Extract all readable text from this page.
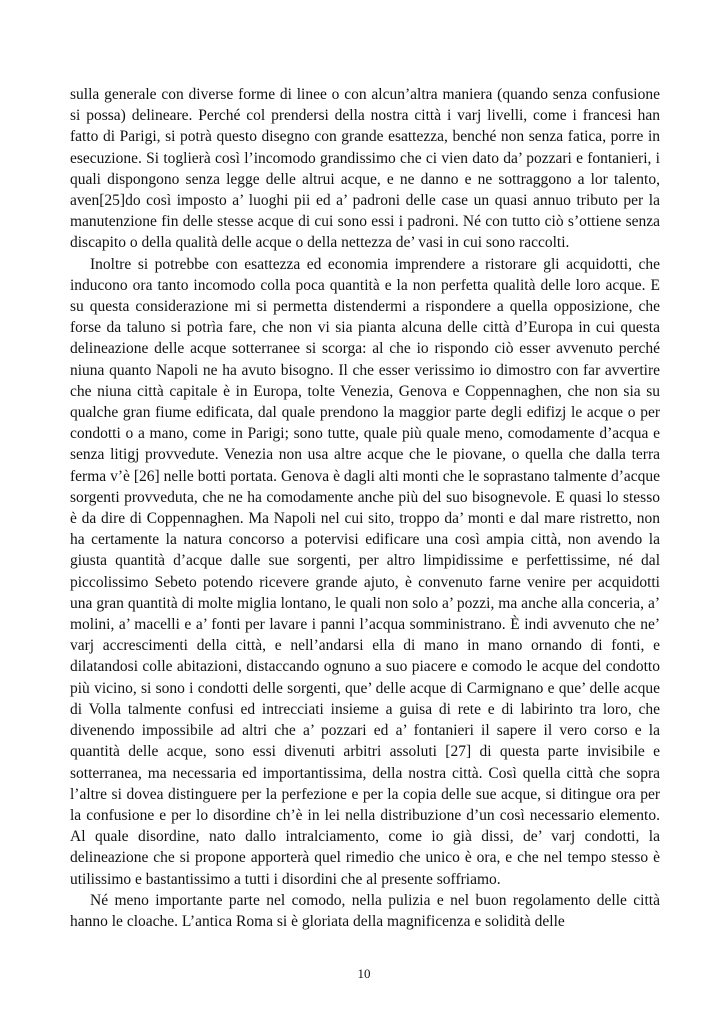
sulla generale con diverse forme di linee o con alcun’altra maniera (quando senza confusione si possa) delineare. Perché col prendersi della nostra città i varj livelli, come i francesi han fatto di Parigi, si potrà questo disegno con grande esattezza, benché non senza fatica, porre in esecuzione. Si toglierà così l’incomodo grandissimo che ci vien dato da’ pozzari e fontanieri, i quali dispongono senza legge delle altrui acque, e ne danno e ne sottraggono a lor talento, aven[25]do così imposto a’ luoghi pii ed a’ padroni delle case un quasi annuo tributo per la manutenzione fin delle stesse acque di cui sono essi i padroni. Né con tutto ciò s’ottiene senza discapito o della qualità delle acque o della nettezza de’ vasi in cui sono raccolti.

Inoltre si potrebbe con esattezza ed economia imprendere a ristorare gli acquidotti, che inducono ora tanto incomodo colla poca quantità e la non perfetta qualità delle loro acque. E su questa considerazione mi si permetta distendermi a rispondere a quella opposizione, che forse da taluno si potrìa fare, che non vi sia pianta alcuna delle città d’Europa in cui questa delineazione delle acque sotterranee si scorga: al che io rispondo ciò esser avvenuto perché niuna quanto Napoli ne ha avuto bisogno. Il che esser verissimo io dimostro con far avvertire che niuna città capitale è in Europa, tolte Venezia, Genova e Coppennaghen, che non sia su qualche gran fiume edificata, dal quale prendono la maggior parte degli edifizj le acque o per condotti o a mano, come in Parigi; sono tutte, quale più quale meno, comodamente d’acqua e senza litigj provvedute. Venezia non usa altre acque che le piovane, o quella che dalla terra ferma v’è [26] nelle botti portata. Genova è dagli alti monti che le soprastano talmente d’acque sorgenti provveduta, che ne ha comodamente anche più del suo bisognevole. E quasi lo stesso è da dire di Coppennaghen. Ma Napoli nel cui sito, troppo da’ monti e dal mare ristretto, non ha certamente la natura concorso a potervisi edificare una così ampia città, non avendo la giusta quantità d’acque dalle sue sorgenti, per altro limpidissime e perfettissime, né dal piccolissimo Sebeto potendo ricevere grande ajuto, è convenuto farne venire per acquidotti una gran quantità di molte miglia lontano, le quali non solo a’ pozzi, ma anche alla conceria, a’ molini, a’ macelli e a’ fonti per lavare i panni l’acqua somministrano. È indi avvenuto che ne’ varj accrescimenti della città, e nell’andarsi ella di mano in mano ornando di fonti, e dilatandosi colle abitazioni, distaccando ognuno a suo piacere e comodo le acque del condotto più vicino, si sono i condotti delle sorgenti, que’ delle acque di Carmignano e que’ delle acque di Volla talmente confusi ed intrecciati insieme a guisa di rete e di labirinto tra loro, che divenendo impossibile ad altri che a’ pozzari ed a’ fontanieri il sapere il vero corso e la quantità delle acque, sono essi divenuti arbitri assoluti [27] di questa parte invisibile e sotterranea, ma necessaria ed importantissima, della nostra città. Così quella città che sopra l’altre si dovea distinguere per la perfezione e per la copia delle sue acque, si ditingue ora per la confusione e per lo disordine ch’è in lei nella distribuzione d’un così necessario elemento. Al quale disordine, nato dallo intralciamento, come io già dissi, de’ varj condotti, la delineazione che si propone apporterà quel rimedio che unico è ora, e che nel tempo stesso è utilissimo e bastantissimo a tutti i disordini che al presente soffriamo.

Né meno importante parte nel comodo, nella pulizia e nel buon regolamento delle città hanno le cloache. L’antica Roma si è gloriata della magnificenza e solidità delle

10
